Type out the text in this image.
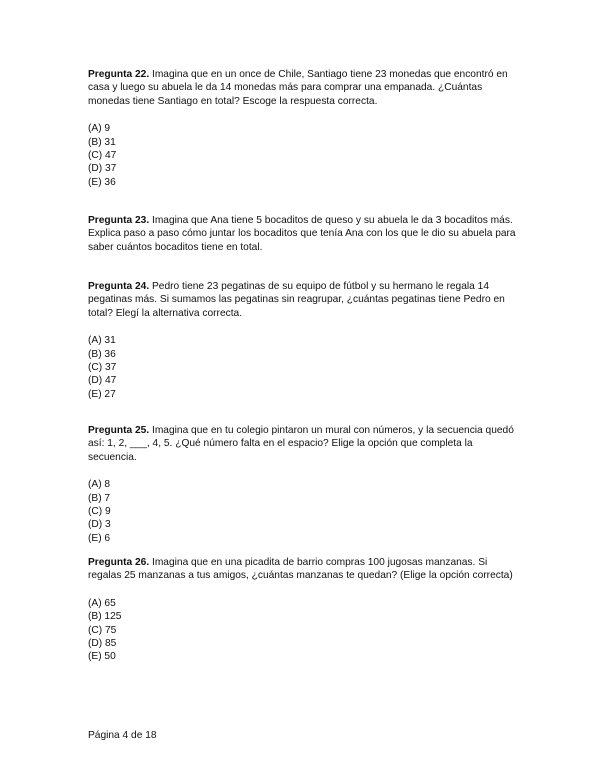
Pregunta 22. Imagina que en un once de Chile, Santiago tiene 23 monedas que encontró en casa y luego su abuela le da 14 monedas más para comprar una empanada. ¿Cuántas monedas tiene Santiago en total? Escoge la respuesta correcta.

(A) 9
(B) 31
(C) 47
(D) 37
(E) 36

Pregunta 23. Imagina que Ana tiene 5 bocaditos de queso y su abuela le da 3 bocaditos más. Explica paso a paso cómo juntar los bocaditos que tenía Ana con los que le dio su abuela para saber cuántos bocaditos tiene en total.

Pregunta 24. Pedro tiene 23 pegatinas de su equipo de fútbol y su hermano le regala 14 pegatinas más. Si sumamos las pegatinas sin reagrupar, ¿cuántas pegatinas tiene Pedro en total? Elegí la alternativa correcta.

(A) 31
(B) 36
(C) 37
(D) 47
(E) 27

Pregunta 25. Imagina que en tu colegio pintaron un mural con números, y la secuencia quedó así: 1, 2, ___, 4, 5. ¿Qué número falta en el espacio? Elige la opción que completa la secuencia.

(A) 8
(B) 7
(C) 9
(D) 3
(E) 6

Pregunta 26. Imagina que en una picadita de barrio compras 100 jugosas manzanas. Si regalas 25 manzanas a tus amigos, ¿cuántas manzanas te quedan? (Elige la opción correcta)

(A) 65
(B) 125
(C) 75
(D) 85
(E) 50
Página 4 de 18
